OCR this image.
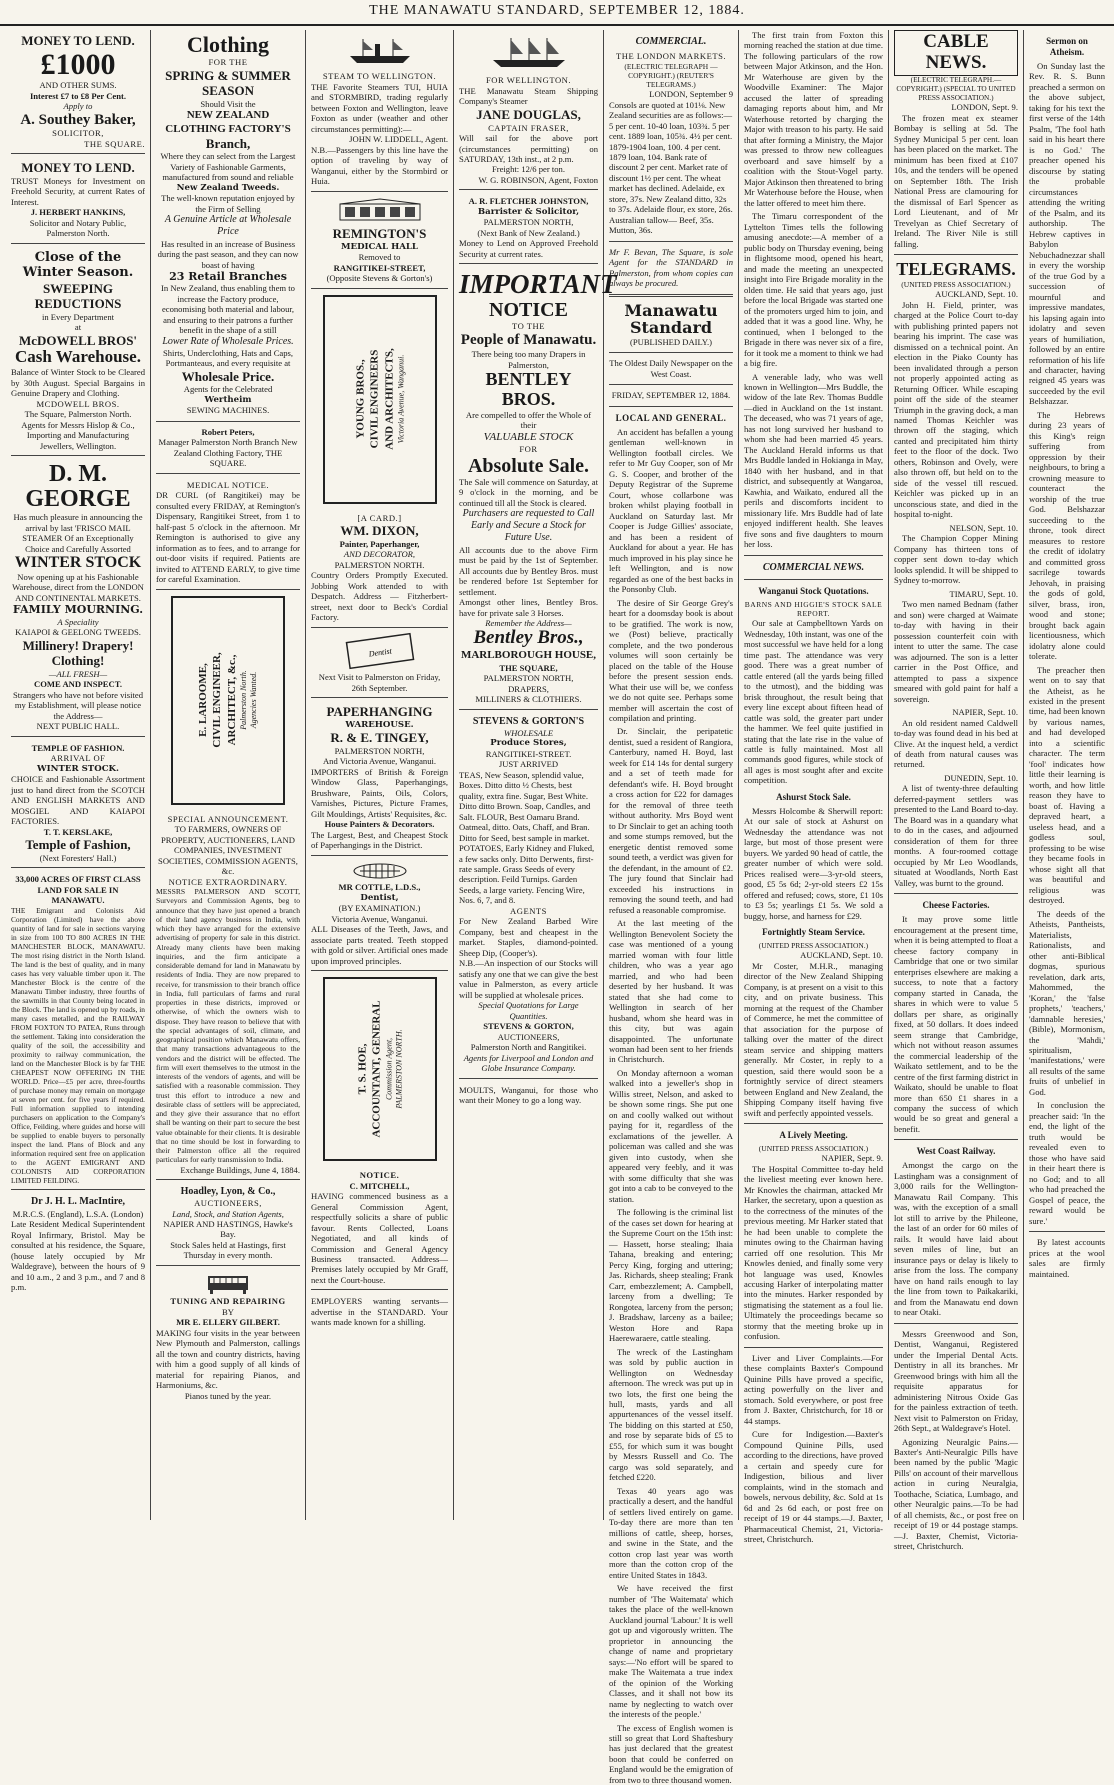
THE MANAWATU STANDARD, SEPTEMBER 12, 1884.
MONEY TO LEND.
£1000
AND OTHER SUMS.
Interest £7 to £8 Per Cent.
Apply to
A. Southey Baker,
SOLICITOR,
THE SQUARE.
MONEY TO LEND.
TRUST Moneys for Investment on Freehold Security, at current Rates of Interest.
J. HERBERT HANKINS,
Solicitor and Notary Public, Palmerston North.
Close of the Winter Season.
SWEEPING REDUCTIONS
in Every Department
at
McDOWELL BROS'
Cash Warehouse.
Balance of Winter Stock to be Cleared by 30th August. Special Bargains in Genuine Drapery and Clothing.
MCDOWELL BROS.
The Square, Palmerston North.
Agents for Messrs Hislop & Co., Importing and Manufacturing Jewellers, Wellington.
D. M. GEORGE
Has much pleasure in announcing the arrival by last 'FRISCO MAIL STEAMER Of an Exceptionally Choice and Carefully Assorted
WINTER STOCK
Now opening up at his Fashionable Warehouse, direct from the LONDON AND CONTINENTAL MARKETS.
FAMILY MOURNING.
A Speciality
KAIAPOI & GEELONG TWEEDS.
Millinery! Drapery! Clothing!
—ALL FRESH—
COME AND INSPECT.
Strangers who have not before visited my Establishment, will please notice the Address—
NEXT PUBLIC HALL.
TEMPLE OF FASHION.
ARRIVAL OF
WINTER STOCK.
CHOICE and Fashionable Assortment just to hand direct from the SCOTCH AND ENGLISH MARKETS AND MOSGIEL AND KAIAPOI FACTORIES.
T. T. KERSLAKE,
Temple of Fashion,
(Next Foresters' Hall.)
33,000 ACRES OF FIRST CLASS LAND FOR SALE IN MANAWATU.
THE Emigrant and Colonists Aid Corporation (Limited) have the above quantity of land for sale in sections varying in size from 100 TO 800 ACRES IN THE MANCHESTER BLOCK, MANAWATU. The most rising district in the North Island. The land is the best of quality, and in many cases has very valuable timber upon it. The Manchester Block is the centre of the Manawatu Timber industry, three fourths of the sawmills in that County being located in the Block. The land is opened up by roads, in many cases metalled, and the RAILWAY FROM FOXTON TO PATEA, Runs through the settlement. Taking into consideration the quality of the soil, the accessibility and proximity to railway communication, the land on the Manchester Block is by far THE CHEAPEST NOW OFFERING IN THE WORLD. Price—£5 per acre, three-fourths of purchase money may remain on mortgage at seven per cent. for five years if required. Full information supplied to intending purchasers on application to the Company's Office, Feilding, where guides and horse will be supplied to enable buyers to personally inspect the land. Plans of Block and any information required sent free on application to the AGENT EMIGRANT AND COLONISTS AID CORPORATION LIMITED FEILDING.
Dr J. H. L. MacIntire,
M.R.C.S. (England), L.S.A. (London)
Late Resident Medical Superintendent Royal Infirmary, Bristol. May be consulted at his residence, the Square, (house lately occupied by Mr Waldegrave), between the hours of 9 and 10 a.m., 2 and 3 p.m., and 7 and 8 p.m.
Clothing
FOR THE
SPRING & SUMMER
SEASON
Should Visit the
NEW ZEALAND
CLOTHING FACTORY'S
Branch,
Where they can select from the Largest Variety of Fashionable Garments, manufactured from sound and reliable
New Zealand Tweeds.
The well-known reputation enjoyed by the Firm of Selling
A Genuine Article at Wholesale Price
Has resulted in an increase of Business during the past season, and they can now boast of having
23 Retail Branches
In New Zealand, thus enabling them to increase the Factory produce, economising both material and labour, and ensuring to their patrons a further benefit in the shape of a still
Lower Rate of Wholesale Prices.
Shirts, Underclothing, Hats and Caps, Portmanteaus, and every requisite at
Wholesale Price.
Agents for the Celebrated
Wertheim
SEWING MACHINES.
Robert Peters,
Manager Palmerston North Branch New Zealand Clothing Factory, THE SQUARE.
MEDICAL NOTICE.
DR CURL (of Rangitikei) may be consulted every FRIDAY, at Remington's Dispensary, Rangitikei Street, from 1 to half-past 5 o'clock in the afternoon. Mr Remington is authorised to give any information as to fees, and to arrange for out-door visits if required. Patients are invited to ATTEND EARLY, to give time for careful Examination.
E. LAROOME, CIVIL ENGINEER, ARCHITECT, &c., Palmerston North. Agencies Wanted.
SPECIAL ANNOUNCEMENT.
TO FARMERS, OWNERS OF PROPERTY, AUCTIONEERS, LAND COMPANIES, INVESTMENT SOCIETIES, COMMISSION AGENTS, &c.
NOTICE EXTRAORDINARY.
MESSRS PALMERSON AND SCOTT, Surveyors and Commission Agents, beg to announce that they have just opened a branch of their land agency business in India, with which they have arranged for the extensive advertising of property for sale in this district. Already many clients have been making inquiries, and the firm anticipate a considerable demand for land in Manawatu by residents of India. They are now prepared to receive, for transmission to their branch office in India, full particulars of farms and rural properties in these districts, improved or otherwise, of which the owners wish to dispose. They have reason to believe that with the special advantages of soil, climate, and geographical position which Manawatu offers, that many transactions advantageous to the vendors and the district will be effected. The firm will exert themselves to the utmost in the interests of the vendors of agents, and will be satisfied with a reasonable commission. They trust this effort to introduce a new and desirable class of settlers will be appreciated, and they give their assurance that no effort shall be wanting on their part to secure the best value obtainable for their clients. It is desirable that no time should be lost in forwarding to their Palmerston office all the required particulars for early transmission to India.
Exchange Buildings, June 4, 1884.
Hoadley, Lyon, & Co.,
AUCTIONEERS,
Land, Stock, and Station Agents,
NAPIER AND HASTINGS, Hawke's Bay.
Stock Sales held at Hastings, first Thursday in every month.
TUNING AND REPAIRING
BY
MR E. ELLERY GILBERT.
MAKING four visits in the year between New Plymouth and Palmerston, callings all the town and country districts, having with him a good supply of all kinds of material for repairing Pianos, and Harmoniums, &c.
Pianos tuned by the year.
STEAM TO WELLINGTON.
THE Favorite Steamers TUI, HUIA and STORMBIRD, trading regularly between Foxton and Wellington, leave Foxton as under (weather and other circumstances permitting):—
JOHN W. LIDDELL, Agent.
N.B.—Passengers by this line have the option of traveling by way of Wanganui, either by the Stormbird or Huia.
REMINGTON'S
MEDICAL HALL
Removed to
RANGITIKEI-STREET,
(Opposite Stevens & Gorton's)
YOUNG BROS., CIVIL ENGINEERS AND ARCHITECTS, Victoria Avenue, Wanganui.
[A CARD.]
WM. DIXON,
Painter, Paperhanger,
AND DECORATOR,
PALMERSTON NORTH.
Country Orders Promptly Executed. Jobbing Work attended to with Despatch. Address — Fitzherbert-street, next door to Beck's Cordial Factory.
Dentist
Next Visit to Palmerston on Friday, 26th September.
PAPERHANGING
WAREHOUSE.
R. & E. TINGEY,
PALMERSTON NORTH,
And Victoria Avenue, Wanganui.
IMPORTERS of British & Foreign Window Glass, Paperhangings, Brushware, Paints, Oils, Colors, Varnishes, Pictures, Picture Frames, Gilt Mouldings, Artists' Requisites, &c.
House Painters & Decorators.
The Largest, Best, and Cheapest Stock of Paperhangings in the District.
MR COTTLE, L.D.S.,
Dentist,
(BY EXAMINATION.)
Victoria Avenue, Wanganui.
ALL Diseases of the Teeth, Jaws, and associate parts treated. Teeth stopped with gold or silver. Artificial ones made upon improved principles.
T. S. HOE, ACCOUNTANT, GENERAL Commission Agent, PALMERSTON NORTH.
NOTICE.
C. MITCHELL,
HAVING commenced business as a General Commission Agent, respectfully solicits a share of public favour. Rents Collected, Loans Negotiated, and all kinds of Commission and General Agency Business transacted. Address—Premises lately occupied by Mr Graff, next the Court-house.
EMPLOYERS wanting servants—advertise in the STANDARD. Your wants made known for a shilling.
FOR WELLINGTON.
THE Manawatu Steam Shipping Company's Steamer
JANE DOUGLAS,
CAPTAIN FRASER,
Will sail for the above port (circumstances permitting) on SATURDAY, 13th inst., at 2 p.m.
Freight: 12/6 per ton.
W. G. ROBINSON, Agent, Foxton
A. R. FLETCHER JOHNSTON,
Barrister & Solicitor,
PALMERSTON NORTH,
(Next Bank of New Zealand.)
Money to Lend on Approved Freehold Security at current rates.
IMPORTANT
NOTICE
TO THE
People of Manawatu.
There being too many Drapers in Palmerston,
BENTLEY BROS.
Are compelled to offer the Whole of their
VALUABLE STOCK
FOR
Absolute Sale.
The Sale will commence on Saturday, at 9 o'clock in the morning, and be continued till all the Stock is cleared.
Purchasers are requested to Call Early and Secure a Stock for Future Use.
All accounts due to the above Firm must be paid by the 1st of September. All accounts due by Bentley Bros. must be rendered before 1st September for settlement.
Amongst other lines, Bentley Bros. have for private sale 3 Horses.
Remember the Address—
Bentley Bros.,
MARLBOROUGH HOUSE,
THE SQUARE,
PALMERSTON NORTH,
DRAPERS,
MILLINERS & CLOTHIERS.
STEVENS & GORTON'S
WHOLESALE
Produce Stores,
RANGITIKEI-STREET.
JUST ARRIVED
TEAS, New Season, splendid value, Boxes. Ditto ditto ½ Chests, best quality, extra fine. Sugar, Best White. Ditto ditto Brown. Soap, Candles, and Salt. FLOUR, Best Oamaru Brand. Oatmeal, ditto. Oats, Chaff, and Bran. Ditto for Seed, best sample in market. POTATOES, Early Kidney and Fluked, a few sacks only. Ditto Derwents, first-rate sample. Grass Seeds of every description. Feild Turnips. Garden Seeds, a large variety. Fencing Wire, Nos. 6, 7, and 8.
AGENTS
For New Zealand Barbed Wire Company, best and cheapest in the market. Staples, diamond-pointed. Sheep Dip, (Cooper's).
N.B.—An inspection of our Stocks will satisfy any one that we can give the best value in Palmerston, as every article will be supplied at wholesale prices.
Special Quotations for Large Quantities.
STEVENS & GORTON,
AUCTIONEERS,
Palmerston North and Rangitikei.
Agents for Liverpool and London and Globe Insurance Company.
MOULTS, Wanganui, for those who want their Money to go a long way.
COMMERCIAL.
THE LONDON MARKETS.
(ELECTRIC TELEGRAPH —COPYRIGHT.) (REUTER'S TELEGRAMS.)
LONDON, September 9
Consols are quoted at 101⅛. New Zealand securities are as follows:— 5 per cent. 10-40 loan, 103¾. 5 per cent. 1889 loan, 105¾. 4½ per cent. 1879-1904 loan, 100. 4 per cent. 1879 loan, 104. Bank rate of discount 2 per cent. Market rate of discount 1½ per cent. The wheat market has declined. Adelaide, ex store, 37s. New Zealand ditto, 32s to 37s. Adelaide flour, ex store, 26s. Australian tallow— Beef, 35s. Mutton, 36s.
Mr F. Bevan, The Square, is sole Agent for the STANDARD in Palmerston, from whom copies can always be procured.
Manawatu Standard
(PUBLISHED DAILY.)
The Oldest Daily Newspaper on the West Coast.
FRIDAY, SEPTEMBER 12, 1884.
LOCAL AND GENERAL.

An accident has befallen a young gentleman well-known in Wellington football circles. We refer to Mr Guy Cooper, son of Mr G. S. Cooper, and brother of the Deputy Registrar of the Supreme Court, whose collarbone was broken whilst playing football in Auckland on Saturday last. Mr Cooper is Judge Gillies' associate, and has been a resident of Auckland for about a year. He has much improved in his play since he left Wellington, and is now regarded as one of the best backs in the Ponsonby Club.

The desire of Sir George Grey's heart for a doomsday book is about to be gratified. The work is now, we (Post) believe, practically complete, and the two ponderous volumes will soon certainly be placed on the table of the House before the present session ends. What their use will be, we confess we do not quite see. Perhaps some member will ascertain the cost of compilation and printing.

Dr. Sinclair, the peripatetic dentist, sued a resident of Rangiora, Canterbury, named H. Boyd, last week for £14 14s for dental surgery and a set of teeth made for defendant's wife. H. Boyd brought a cross action for £22 for damages for the removal of three teeth without authority. Mrs Boyd went to Dr Sinclair to get an aching tooth and some stumps removed, but the energetic dentist removed some sound teeth, a verdict was given for the defendant, in the amount of £2. The jury found that Sinclair had exceeded his instructions in removing the sound teeth, and had refused a reasonable compromise.

At the last meeting of the Wellington Benevolent Society the case was mentioned of a young married woman with four little children, who was a year ago married, and who had been deserted by her husband. It was stated that she had come to Wellington in search of her husband, whom she heard was in this city, but was again disappointed. The unfortunate woman had been sent to her friends in Christchurch.

On Monday afternoon a woman walked into a jeweller's shop in Willis street, Nelson, and asked to be shown some rings. She put one on and coolly walked out without paying for it, regardless of the exclamations of the jeweller. A policeman was called and she was given into custody, when she appeared very feebly, and it was with some difficulty that she was got into a cab to be conveyed to the station.

The following is the criminal list of the cases set down for hearing at the Supreme Court on the 15th inst:— Hassett, horse stealing; Ihaia Tahana, breaking and entering; Percy King, forging and uttering; Jas. Richards, sheep stealing; Frank Carr, embezzlement; A. Campbell, larceny from a dwelling; Te Rongotea, larceny from the person; J. Bradshaw, larceny as a bailee; Weston Hore and Rapa Haerewaraere, cattle stealing.

The wreck of the Lastingham was sold by public auction in Wellington on Wednesday afternoon. The wreck was put up in two lots, the first one being the hull, masts, yards and all appurtenances of the vessel itself. The bidding on this started at £50, and rose by separate bids of £5 to £55, for which sum it was bought by Messrs Russell and Co. The cargo was sold separately, and fetched £220.

Texas 40 years ago was practically a desert, and the handful of settlers lived entirely on game. To-day there are more than ten millions of cattle, sheep, horses, and swine in the State, and the cotton crop last year was worth more than the cotton crop of the entire United States in 1843.

We have received the first number of 'The Waitemata' which takes the place of the well-known Auckland journal 'Labour.' It is well got up and vigorously written. The proprietor in announcing the change of name and proprietary says:—'No effort will be spared to make The Waitemata a true index of the opinion of the Working Classes, and it shall not bow its name by neglecting to watch over the interests of the people.'

The excess of English women is still so great that Lord Shaftesbury has just declared that the greatest boon that could be conferred on England would be the emigration of from two to three thousand women.

The first train from Foxton this morning reached the station at due time. The following particulars of the row between Major Atkinson, and the Hon. Mr Waterhouse are given by the Woodville Examiner: The Major accused the latter of spreading damaging reports about him, and Mr Waterhouse retorted by charging the Major with treason to his party. He said that after forming a Ministry, the Major was pressed to throw new colleagues overboard and save himself by a coalition with the Stout-Vogel party. Major Atkinson then threatened to bring Mr Waterhouse before the House, when the latter offered to meet him there.

The Timaru correspondent of the Lyttelton Times tells the following amusing anecdote:—A member of a public body on Thursday evening, being in flightsome mood, opened his heart, and made the meeting an unexpected insight into Fire Brigade morality in the olden time. He said that years ago, just before the local Brigade was started one of the promoters urged him to join, and added that it was a good line. Why, he continued, when I belonged to the Brigade in there was never six of a fire, for it took me a moment to think we had a big fire.

A venerable lady, who was well known in Wellington—Mrs Buddle, the widow of the late Rev. Thomas Buddle—died in Auckland on the 1st instant. The deceased, who was 71 years of age, has not long survived her husband to whom she had been married 45 years. The Auckland Herald informs us that Mrs Buddle landed in Hokianga in May, 1840 with her husband, and in that district, and subsequently at Wangaroa, Kawhia, and Waikato, endured all the perils and discomforts incident to missionary life. Mrs Buddle had of late enjoyed indifferent health. She leaves five sons and five daughters to mourn her loss.

COMMERCIAL NEWS.
Wanganui Stock Quotations.
BARNS AND HIGGIE'S STOCK SALE REPORT.

Our sale at Campbelltown Yards on Wednesday, 10th instant, was one of the most successful we have held for a long time past. The attendance was very good. There was a great number of cattle entered (all the yards being filled to the utmost), and the bidding was brisk throughout, the result being that every line except about fifteen head of cattle was sold, the greater part under the hammer. We feel quite justified in stating that the late rise in the value of cattle is fully maintained. Most all commands good figures, while stock of all ages is most sought after and excite competition.

Ashurst Stock Sale.

Messrs Holcombe & Sherwill report: At our sale of stock at Ashurst on Wednesday the attendance was not large, but most of those present were buyers. We yarded 90 head of cattle, the greater number of which were sold. Prices realised were—3-yr-old steers, good, £5 5s 6d; 2-yr-old steers £2 15s offered and refused; cows, store, £1 10s to £3 5s; yearlings £1 5s. We sold a buggy, horse, and harness for £29.

Fortnightly Steam Service.
(UNITED PRESS ASSOCIATION.)
AUCKLAND, Sept. 10.

Mr Coster, M.H.R., managing director of the New Zealand Shipping Company, is at present on a visit to this city, and on private business. This morning at the request of the Chamber of Commerce, he met the committee of that association for the purpose of talking over the matter of the direct steam service and shipping matters generally. Mr Coster, in reply to a question, said there would soon be a fortnightly service of direct steamers between England and New Zealand, the Shipping Company itself having five swift and perfectly appointed vessels.

A Lively Meeting.
(UNITED PRESS ASSOCIATION.)
NAPIER, Sept. 9.

The Hospital Committee to-day held the liveliest meeting ever known here. Mr Knowles the chairman, attacked Mr Harker, the secretary, upon a question as to the correctness of the minutes of the previous meeting. Mr Harker stated that he had been unable to complete the minutes owing to the Chairman having carried off one resolution. This Mr Knowles denied, and finally some very hot language was used, Knowles accusing Harker of interpolating matter into the minutes. Harker responded by stigmatising the statement as a foul lie. Ultimately the proceedings became so stormy that the meeting broke up in confusion.

Liver and Liver Complaints.—For these complaints Baxter's Compound Quinine Pills have proved a specific, acting powerfully on the liver and stomach. Sold everywhere, or post free from J. Baxter, Christchurch, for 18 or 44 stamps.

Cure for Indigestion.—Baxter's Compound Quinine Pills, used according to the directions, have proved a certain and speedy cure for Indigestion, bilious and liver complaints, wind in the stomach and bowels, nervous debility, &c. Sold at 1s 6d and 2s 6d each, or post free on receipt of 19 or 44 stamps.—J. Baxter, Pharmaceutical Chemist, 21, Victoria-street, Christchurch.

CABLE NEWS.
(ELECTRIC TELEGRAPH.—COPYRIGHT.) (SPECIAL TO UNITED PRESS ASSOCIATION.)
LONDON, Sept. 9.

The frozen meat ex steamer Bombay is selling at 5d. The Sydney Municipal 5 per cent. loan has been placed on the market. The minimum has been fixed at £107 10s, and the tenders will be opened on September 18th. The Irish National Press are clamouring for the dismissal of Earl Spencer as Lord Lieutenant, and of Mr Trevelyan as Chief Secretary of Ireland. The River Nile is still falling.

TELEGRAMS.
(UNITED PRESS ASSOCIATION.)
AUCKLAND, Sept. 10.

John H. Field, printer, was charged at the Police Court to-day with publishing printed papers not bearing his imprint. The case was dismissed on a technical point. An election in the Piako County has been invalidated through a person not properly appointed acting as Returning Officer. While escaping point off the side of the steamer Triumph in the graving dock, a man named Thomas Keichler was thrown off the staging, which canted and precipitated him thirty feet to the floor of the dock. Two others, Robinson and Ovely, were also thrown off, but held on to the side of the vessel till rescued. Keichler was picked up in an unconscious state, and died in the hospital to-night.

NELSON, Sept. 10.

The Champion Copper Mining Company has thirteen tons of copper sent down to-day which looks splendid. It will be shipped to Sydney to-morrow.

TIMARU, Sept. 10.

Two men named Bednam (father and son) were charged at Waimate to-day with having in their possession counterfeit coin with intent to utter the same. The case was adjourned. The son is a letter carrier in the Post Office, and attempted to pass a sixpence smeared with gold paint for half a sovereign.

NAPIER, Sept. 10.

An old resident named Caldwell to-day was found dead in his bed at Clive. At the inquest held, a verdict of death from natural causes was returned.

DUNEDIN, Sept. 10.

A list of twenty-three defaulting deferred-payment settlers was presented to the Land Board to-day. The Board was in a quandary what to do in the cases, and adjourned consideration of them for three months. A four-roomed cottage occupied by Mr Leo Woodlands, situated at Woodlands, North East Valley, was burnt to the ground.

Cheese Factories.

It may prove some little encouragement at the present time, when it is being attempted to float a cheese factory company in Cambridge that one or two similar enterprises elsewhere are making a success, to note that a factory company started in Canada, the shares in which were to value 5 dollars per share, as originally fixed, at 50 dollars. It does indeed seem strange that Cambridge, which not without reason assumes the commercial leadership of the Waikato settlement, and to be the centre of the first farming district in Waikato, should be unable to float more than 650 £1 shares in a company the success of which would be so great and general a benefit.

West Coast Railway.

Amongst the cargo on the Lastingham was a consignment of 3,000 rails for the Wellington-Manawatu Rail Company. This was, with the exception of a small lot still to arrive by the Phileone, the last of an order for 60 miles of rails. It would have laid about seven miles of line, but an insurance pays or delay is likely to arise from the loss. The company have on hand rails enough to lay the line from town to Paikakariki, and from the Manawatu end down to near Otaki.

Messrs Greenwood and Son, Dentist, Wanganui, Registered under the Imperial Dental Acts. Dentistry in all its branches. Mr Greenwood brings with him all the requisite apparatus for administering Nitrous Oxide Gas for the painless extraction of teeth. Next visit to Palmerston on Friday, 26th Sept., at Waldegrave's Hotel.

Agonizing Neuralgic Pains.—Baxter's Anti-Neuralgic Pills have been named by the public 'Magic Pills' on account of their marvellous action in curing Neuralgia, Toothache, Sciatica, Lumbago, and other Neuralgic pains.—To be had of all chemists, &c., or post free on receipt of 19 or 44 postage stamps.—J. Baxter, Chemist, Victoria-street, Christchurch.

Sermon on Atheism.

On Sunday last the Rev. R. S. Bunn preached a sermon on the above subject, taking for his text the first verse of the 14th Psalm, 'The fool hath said in his heart there is no God.' The preacher opened his discourse by stating the probable circumstances attending the writing of the Psalm, and its authorship. The Hebrew captives in Babylon Nebuchadnezzar shall in every the worship of the true God by a succession of mournful and impressive mandates, his lapsing again into idolatry and seven years of humiliation, followed by an entire reformation of his life and character, having reigned 45 years was succeeded by the evil Belshazzar.

The Hebrews during 23 years of this King's reign suffering from oppression by their neighbours, to bring a crowning measure to counteract the worship of the true God. Belshazzar succeeding to the throne, took direct measures to restore the credit of idolatry and committed gross sacrilege towards Jehovah, in praising the gods of gold, silver, brass, iron, wood and stone; brought back again licentiousness, which idolatry alone could tolerate.

The preacher then went on to say that the Atheist, as he existed in the present time, had been known by various names, and had developed into a scientific character. The term 'fool' indicates how little their learning is worth, and how little reason they have to boast of. Having a depraved heart, a useless head, and a godless soul, professing to be wise they became fools in whose sight all that was beautiful and religious was destroyed.

The deeds of the Atheists, Pantheists, Materialists, Rationalists, and other anti-Biblical dogmas, spurious revelation, dark arts, Mahommed, the 'Koran,' the 'false prophets,' 'teachers,' 'damnable heresies,' (Bible), Mormonism, the 'Mahdi,' spiritualism, 'manifestations,' were all results of the same fruits of unbelief in God.

In conclusion the preacher said: 'In the end, the light of the truth would be revealed even to those who have said in their heart there is no God; and to all who had preached the Gospel of peace, the reward would be sure.'

By latest accounts prices at the wool sales are firmly maintained.
